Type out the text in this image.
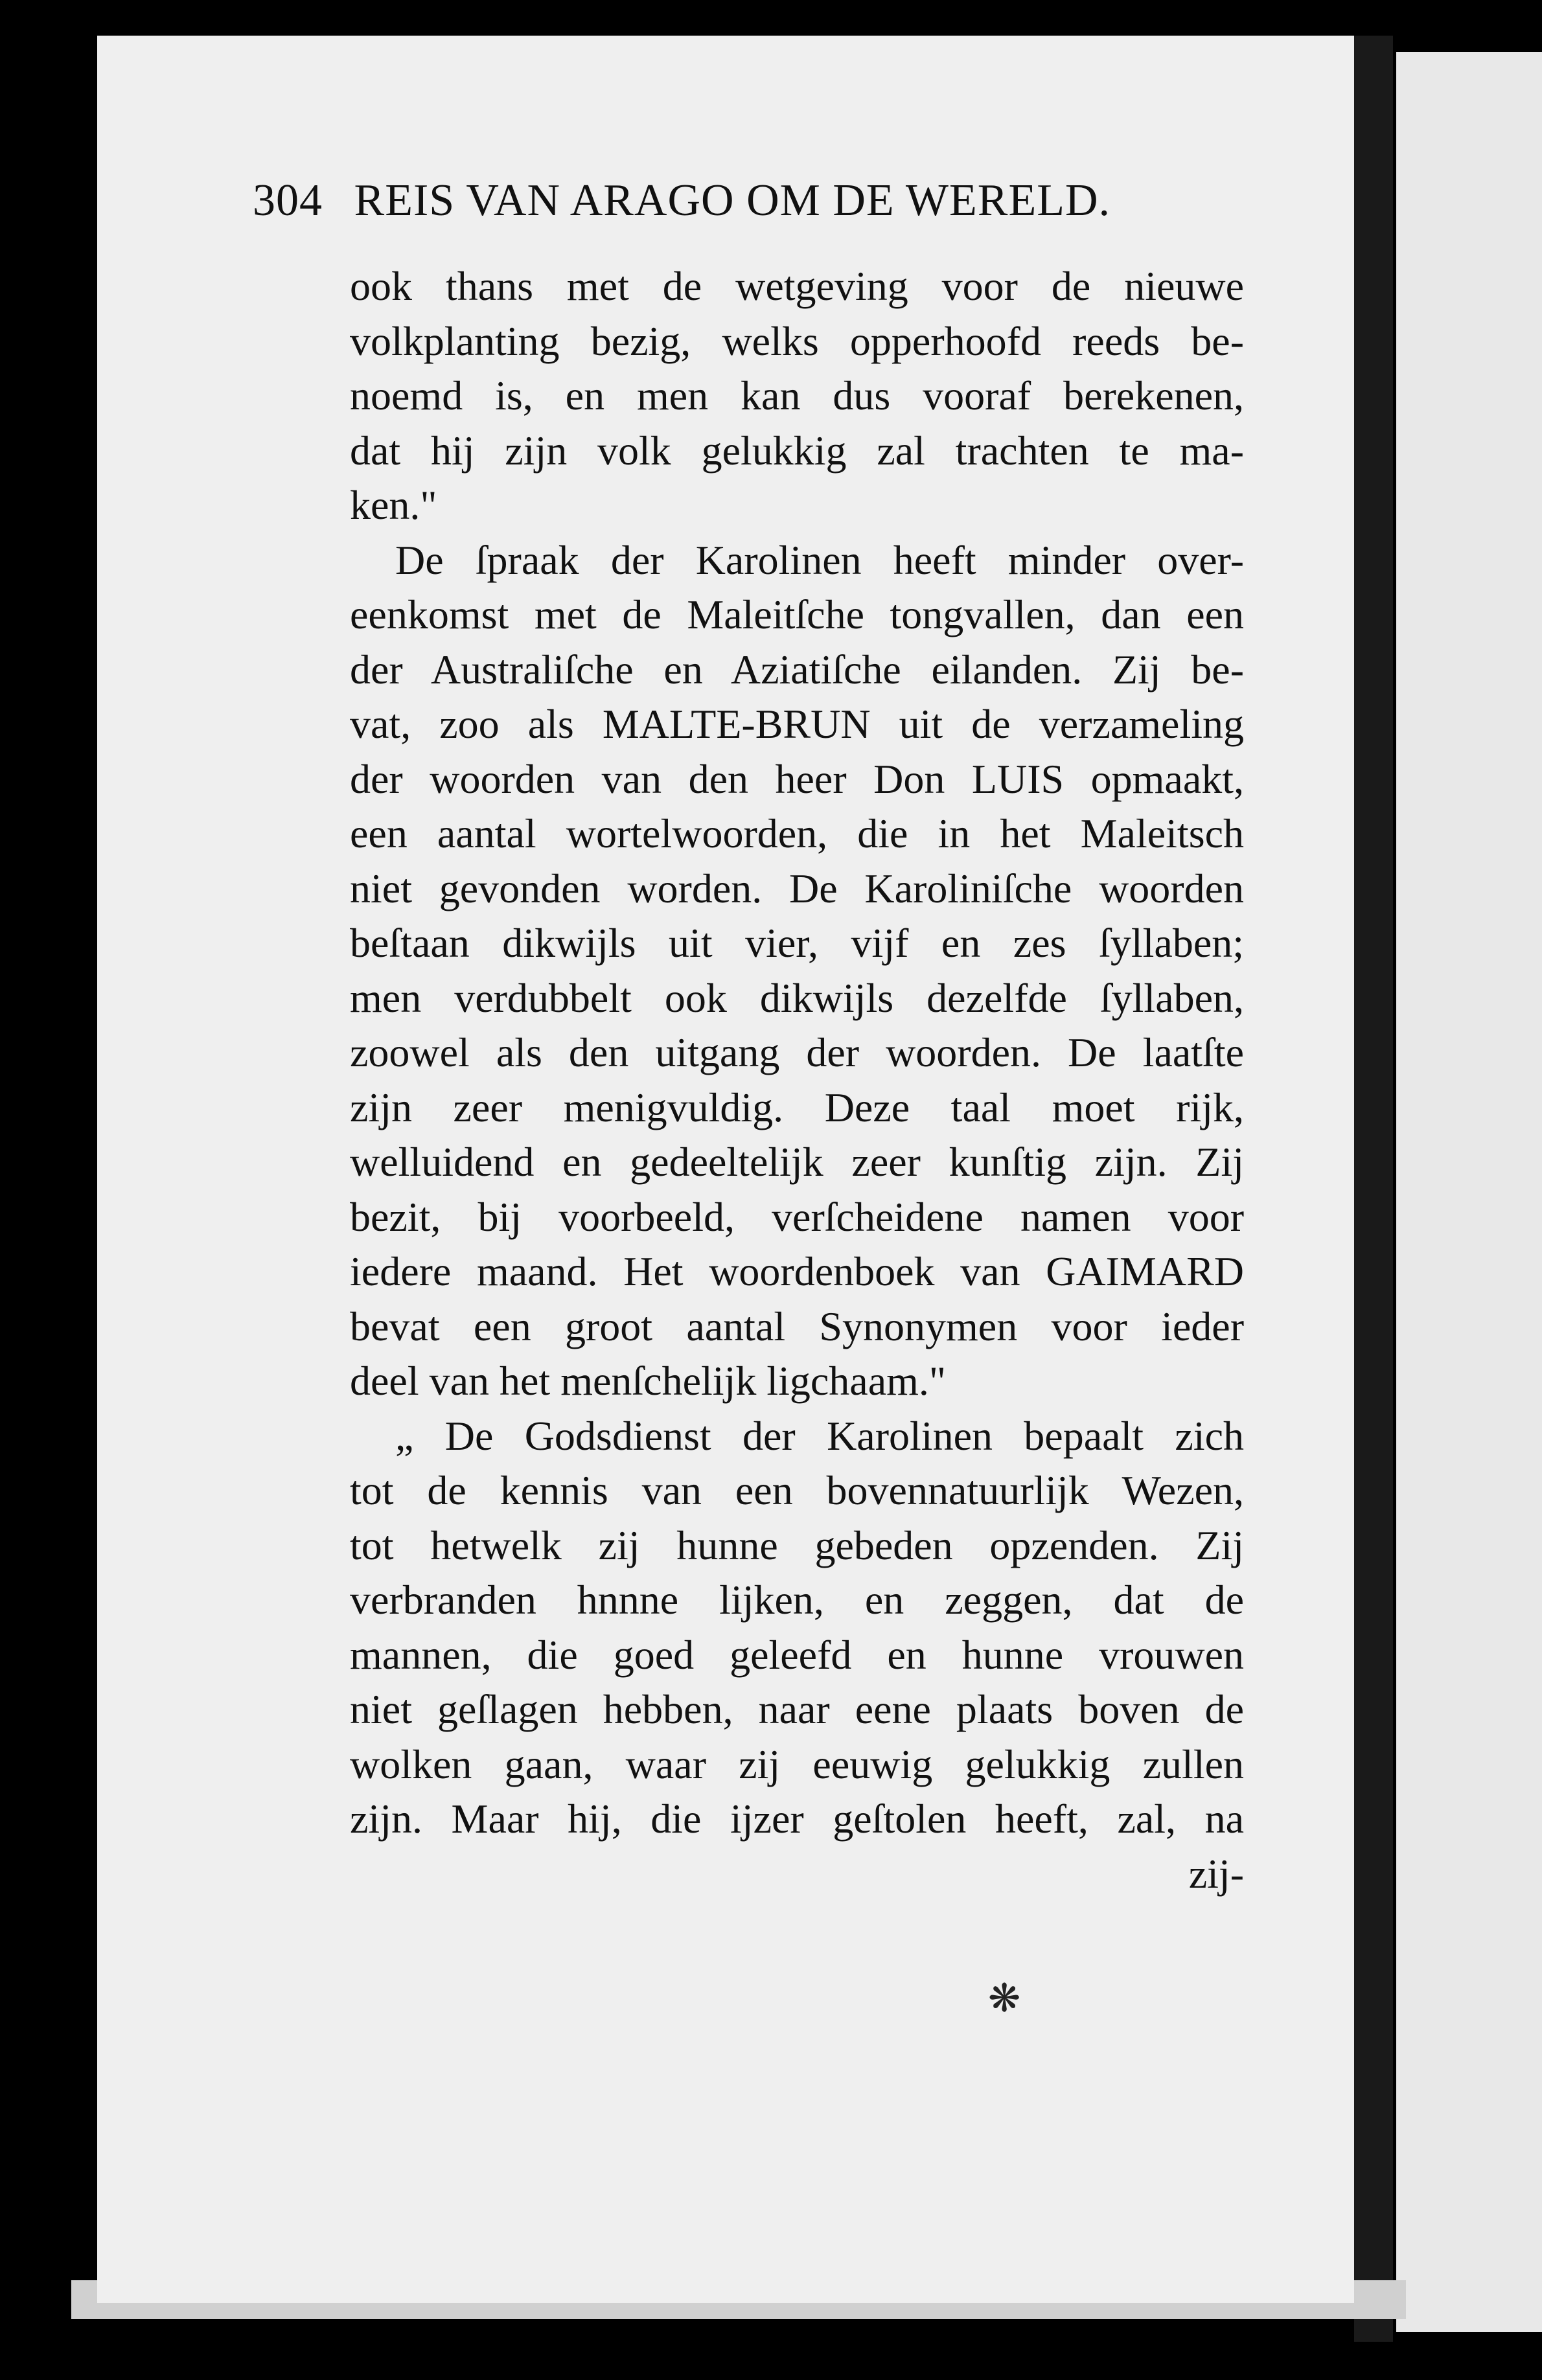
304 REIS VAN ARAGO OM DE WERELD.
ook thans met de wetgeving voor de nieuwe
volkplanting bezig, welks opperhoofd reeds be-
noemd is, en men kan dus vooraf berekenen,
dat hij zijn volk gelukkig zal trachten te ma-
ken."
De ſpraak der Karolinen heeft minder over-
eenkomst met de Maleitſche tongvallen, dan een
der Australiſche en Aziatiſche eilanden. Zij be-
vat, zoo als MALTE-BRUN uit de verzameling
der woorden van den heer Don LUIS opmaakt,
een aantal wortelwoorden, die in het Maleitsch
niet gevonden worden. De Karoliniſche woorden
beſtaan dikwijls uit vier, vijf en zes ſyllaben;
men verdubbelt ook dikwijls dezelfde ſyllaben,
zoowel als den uitgang der woorden. De laatſte
zijn zeer menigvuldig. Deze taal moet rijk,
welluidend en gedeeltelijk zeer kunſtig zijn. Zij
bezit, bij voorbeeld, verſcheidene namen voor
iedere maand. Het woordenboek van GAIMARD
bevat een groot aantal Synonymen voor ieder
deel van het menſchelijk ligchaam."
„ De Godsdienst der Karolinen bepaalt zich
tot de kennis van een bovennatuurlijk Wezen,
tot hetwelk zij hunne gebeden opzenden. Zij
verbranden hnnne lijken, en zeggen, dat de
mannen, die goed geleefd en hunne vrouwen
niet geſlagen hebben, naar eene plaats boven de
wolken gaan, waar zij eeuwig gelukkig zullen
zijn. Maar hij, die ijzer geſtolen heeft, zal, na
zij-
❋
